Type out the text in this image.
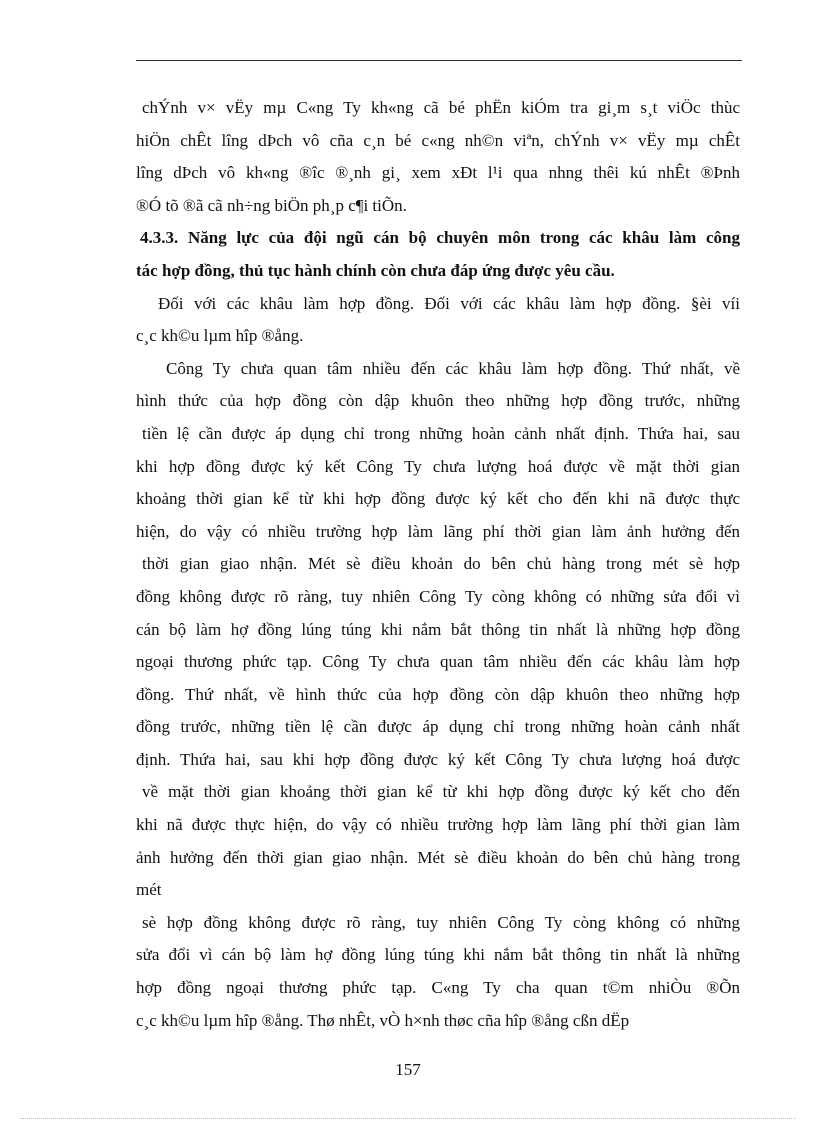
chÝnh v× vËy mµ C«ng Ty kh«ng cã bé phËn kiÓm tra gi¸m s¸t viÖc thùc
hiÖn chÊt lîng dÞch vô cña c¸n bé c«ng nh©n viªn, chÝnh v× vËy mµ chÊt
lîng dÞch vô kh«ng ®îc ®¸nh gi¸ xem xÐt l¹i qua nhng thêi kú nhÊt ®Þnh
®Ó tõ ®ã cã nh÷ng biÖn ph¸p c¶i tiÕn.
4.3.3. Năng lực của đội ngũ cán bộ chuyên môn trong các khâu làm công
tác hợp đồng, thủ tục hành chính còn chưa đáp ứng được yêu cầu.
Đối với các khâu làm hợp đồng. Đối với các khâu làm hợp đồng. §èi víi
c¸c kh©u lµm hîp ®ång.
Công Ty chưa quan tâm nhiều đến các khâu làm hợp đồng. Thứ nhất, về
hình thức của hợp đồng còn dập khuôn theo những hợp đồng trước, những
tiền lệ cần được áp dụng chỉ trong những hoàn cảnh nhất định. Thứa hai, sau
khi hợp đồng được ký kết Công Ty chưa lượng hoá được về mặt thời gian
khoảng thời gian kể từ khi hợp đồng được ký kết cho đến khi nã được thực
hiện, do vậy có nhiều trường hợp làm lãng phí thời gian làm ảnh hưởng đến
thời gian giao nhận. Mét sè điều khoản do bên chủ hàng trong mét sè hợp
đồng không được rõ ràng, tuy nhiên Công Ty còng không có những sửa đổi vì
cán bộ làm hợ đồng lúng túng khi nắm bắt thông tin nhất là những hợp đồng
ngoại thương phức tạp. Công Ty chưa quan tâm nhiều đến các khâu làm hợp
đồng. Thứ nhất, về hình thức của hợp đồng còn dập khuôn theo những hợp
đồng trước, những tiền lệ cần được áp dụng chỉ trong những hoàn cảnh nhất
định. Thứa hai, sau khi hợp đồng được ký kết Công Ty chưa lượng hoá được
về mặt thời gian khoảng thời gian kể từ khi hợp đồng được ký kết cho đến
khi nã được thực hiện, do vậy có nhiều trường hợp làm lãng phí thời gian làm
ảnh hưởng đến thời gian giao nhận. Mét sè điều khoản do bên chủ hàng trong
mét
sè hợp đồng không được rõ ràng, tuy nhiên Công Ty còng không có những
sửa đổi vì cán bộ làm hợ đồng lúng túng khi nắm bắt thông tin nhất là những
hợp đồng ngoại thương phức tạp. C«ng Ty cha quan t©m nhiÒu ®Õn
c¸c kh©u lµm hîp ®ång. Thø nhÊt, vÒ h×nh thøc cña hîp ®ång cßn dËp
157
